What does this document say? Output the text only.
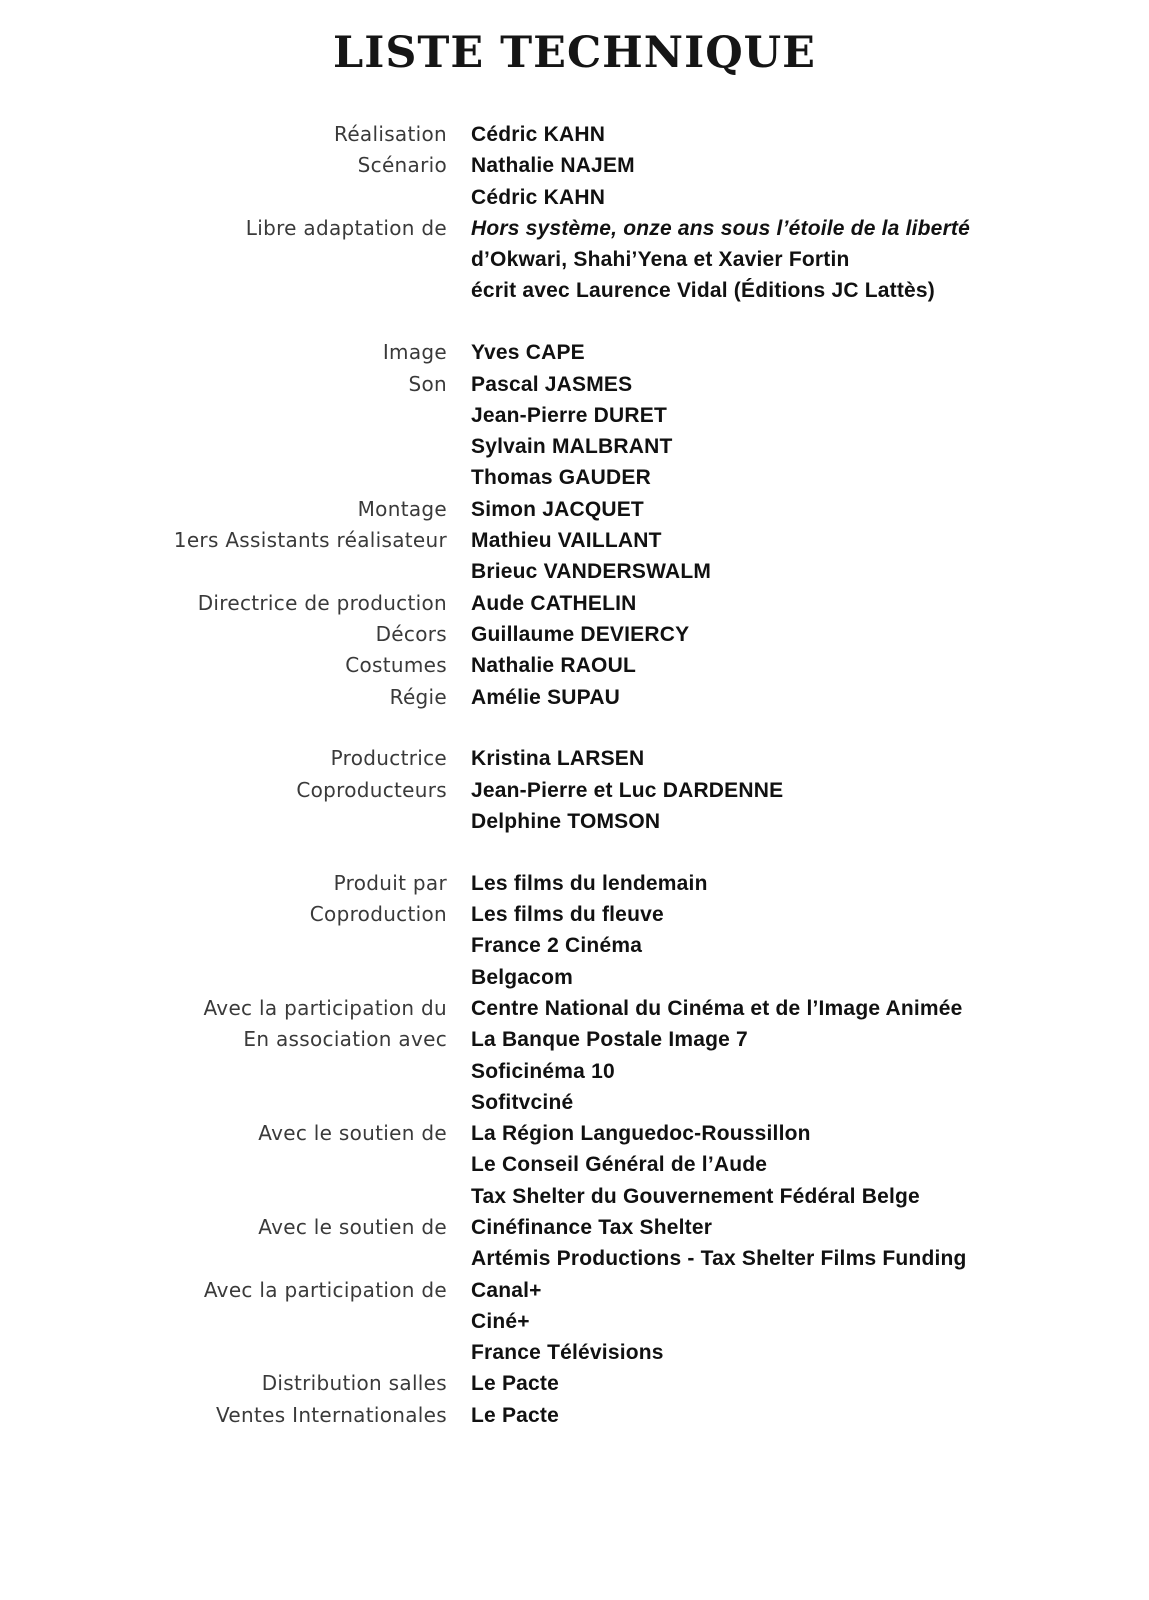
LISTE TECHNIQUE
Réalisation Cédric KAHN
Scénario Nathalie NAJEM
Cédric KAHN
Libre adaptation de Hors système, onze ans sous l’étoile de la liberté
d’Okwari, Shahi’Yena et Xavier Fortin
écrit avec Laurence Vidal (Éditions JC Lattès)
Image Yves CAPE
Son Pascal JASMES
Jean-Pierre DURET
Sylvain MALBRANT
Thomas GAUDER
Montage Simon JACQUET
1ers Assistants réalisateur Mathieu VAILLANT
Brieuc VANDERSWALM
Directrice de production Aude CATHELIN
Décors Guillaume DEVIERCY
Costumes Nathalie RAOUL
Régie Amélie SUPAU
Productrice Kristina LARSEN
Coproducteurs Jean-Pierre et Luc DARDENNE
Delphine TOMSON
Produit par Les films du lendemain
Coproduction Les films du fleuve
France 2 Cinéma
Belgacom
Avec la participation du Centre National du Cinéma et de l’Image Animée
En association avec La Banque Postale Image 7
Soficinéma 10
Sofitvciné
Avec le soutien de La Région Languedoc-Roussillon
Le Conseil Général de l’Aude
Tax Shelter du Gouvernement Fédéral Belge
Avec le soutien de Cinéfinance Tax Shelter
Artémis Productions - Tax Shelter Films Funding
Avec la participation de Canal+
Ciné+
France Télévisions
Distribution salles Le Pacte
Ventes Internationales Le Pacte
